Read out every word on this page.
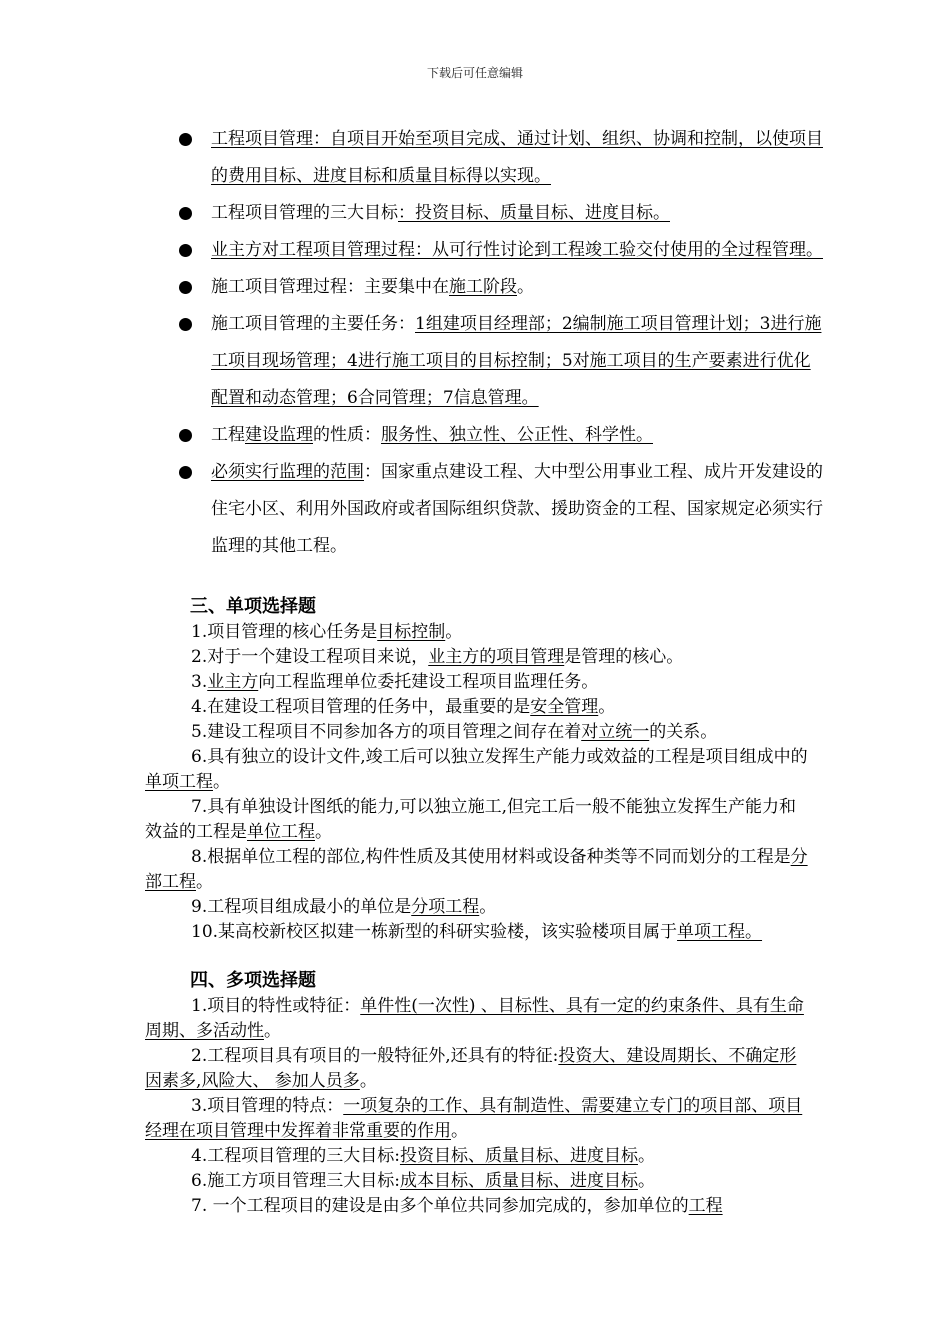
下载后可任意编辑
工程项目管理：自项目开始至项目完成、通过计划、组织、协调和控制，以使项目的费用目标、进度目标和质量目标得以实现。
工程项目管理的三大目标：投资目标、质量目标、进度目标。
业主方对工程项目管理过程：从可行性讨论到工程竣工验交付使用的全过程管理。
施工项目管理过程：主要集中在施工阶段。
施工项目管理的主要任务：1组建项目经理部；2编制施工项目管理计划；3进行施工项目现场管理；4进行施工项目的目标控制；5对施工项目的生产要素进行优化配置和动态管理；6合同管理；7信息管理。
工程建设监理的性质：服务性、独立性、公正性、科学性。
必须实行监理的范围：国家重点建设工程、大中型公用事业工程、成片开发建设的住宅小区、利用外国政府或者国际组织贷款、援助资金的工程、国家规定必须实行监理的其他工程。
三、单项选择题
1.项目管理的核心任务是目标控制。
2.对于一个建设工程项目来说，业主方的项目管理是管理的核心。
3.业主方向工程监理单位委托建设工程项目监理任务。
4.在建设工程项目管理的任务中，最重要的是安全管理。
5.建设工程项目不同参加各方的项目管理之间存在着对立统一的关系。
6.具有独立的设计文件,竣工后可以独立发挥生产能力或效益的工程是项目组成中的单项工程。
7.具有单独设计图纸的能力,可以独立施工,但完工后一般不能独立发挥生产能力和效益的工程是单位工程。
8.根据单位工程的部位,构件性质及其使用材料或设备种类等不同而划分的工程是分部工程。
9.工程项目组成最小的单位是分项工程。
10.某高校新校区拟建一栋新型的科研实验楼，该实验楼项目属于单项工程。
四、多项选择题
1.项目的特性或特征：单件性(一次性) 、目标性、具有一定的约束条件、具有生命周期、多活动性。
2.工程项目具有项目的一般特征外,还具有的特征:投资大、建设周期长、不确定形因素多,风险大、 参加人员多。
3.项目管理的特点：一项复杂的工作、具有制造性、需要建立专门的项目部、项目经理在项目管理中发挥着非常重要的作用。
4.工程项目管理的三大目标:投资目标、质量目标、进度目标。
6.施工方项目管理三大目标:成本目标、质量目标、进度目标。
7. 一个工程项目的建设是由多个单位共同参加完成的，参加单位的工程
